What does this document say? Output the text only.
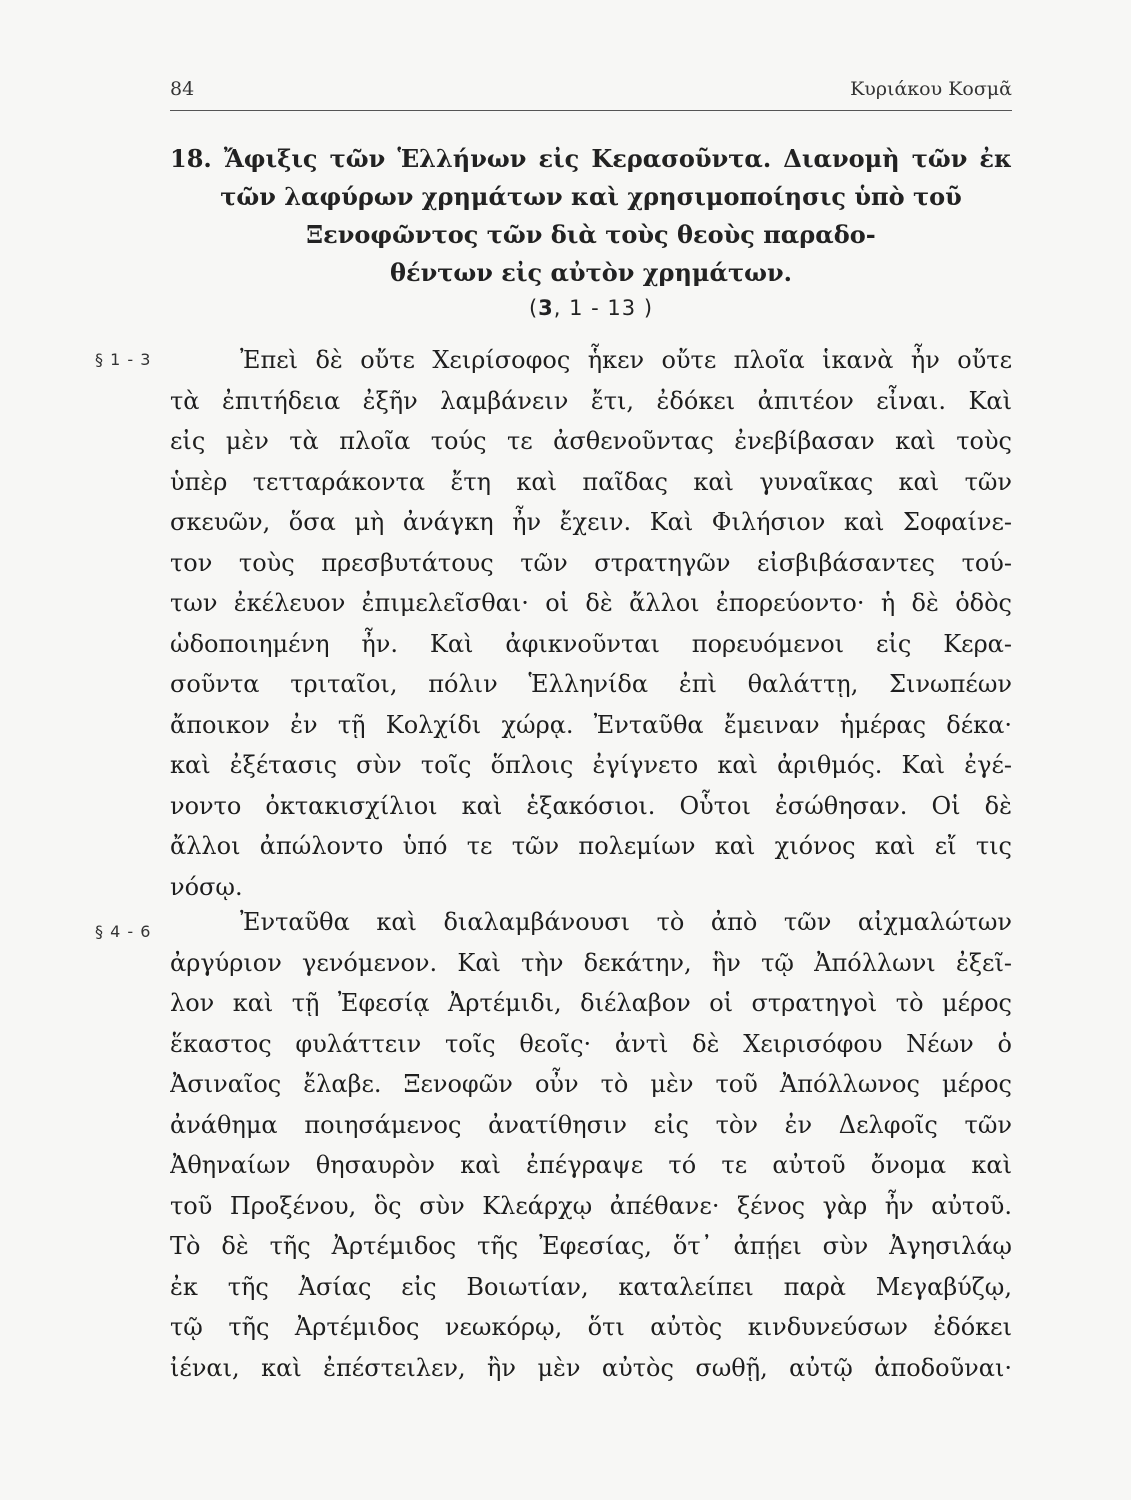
84	Κυριάκου Κοσμᾶ
18. Ἄφιξις τῶν Ἑλλήνων εἰς Κερασοῦντα. Διανομὴ τῶν ἐκ
τῶν λαφύρων χρημάτων καὶ χρησιμοποίησις ὑπὸ τοῦ
Ξενοφῶντος τῶν διὰ τοὺς θεοὺς παραδο-
θέντων εἰς αὐτὸν χρημάτων.
(3, 1 - 13 )
§ 1 - 3	Ἐπεὶ δὲ οὔτε Χειρίσοφος ἧκεν οὔτε πλοῖα ἱκανὰ ἦν οὔτε
τὰ ἐπιτήδεια ἐξῆν λαμβάνειν ἔτι, ἐδόκει ἀπιτέον εἶναι. Καὶ
εἰς μὲν τὰ πλοῖα τούς τε ἀσθενοῦντας ἐνεβίβασαν καὶ τοὺς
ὑπὲρ τετταράκοντα ἔτη καὶ παῖδας καὶ γυναῖκας καὶ τῶν
σκευῶν, ὅσα μὴ ἀνάγκη ἦν ἔχειν. Καὶ Φιλήσιον καὶ Σοφαίνε-
τον τοὺς πρεσβυτάτους τῶν στρατηγῶν εἰσβιβάσαντες τού-
των ἐκέλευον ἐπιμελεῖσθαι· οἱ δὲ ἄλλοι ἐπορεύοντο· ἡ δὲ ὁδὸς
ὡδοποιημένη ἦν. Καὶ ἀφικνοῦνται πορευόμενοι εἰς Κερα-
σοῦντα τριταῖοι, πόλιν Ἑλληνίδα ἐπὶ θαλάττῃ, Σινωπέων
ἄποικον ἐν τῇ Κολχίδι χώρᾳ. Ἐνταῦθα ἔμειναν ἡμέρας δέκα·
καὶ ἐξέτασις σὺν τοῖς ὅπλοις ἐγίγνετο καὶ ἀριθμός. Καὶ ἐγέ-
νοντο ὀκτακισχίλιοι καὶ ἑξακόσιοι. Οὗτοι ἐσώθησαν. Οἱ δὲ
ἄλλοι ἀπώλοντο ὑπό τε τῶν πολεμίων καὶ χιόνος καὶ εἴ τις
νόσῳ.
§ 4 - 6	Ἐνταῦθα καὶ διαλαμβάνουσι τὸ ἀπὸ τῶν αἰχμαλώτων
ἀργύριον γενόμενον. Καὶ τὴν δεκάτην, ἣν τῷ Ἀπόλλωνι ἐξεῖ-
λον καὶ τῇ Ἐφεσίᾳ Ἀρτέμιδι, διέλαβον οἱ στρατηγοὶ τὸ μέρος
ἕκαστος φυλάττειν τοῖς θεοῖς· ἀντὶ δὲ Χειρισόφου Νέων ὁ
Ἀσιναῖος ἔλαβε. Ξενοφῶν οὖν τὸ μὲν τοῦ Ἀπόλλωνος μέρος
ἀνάθημα ποιησάμενος ἀνατίθησιν εἰς τὸν ἐν Δελφοῖς τῶν
Ἀθηναίων θησαυρὸν καὶ ἐπέγραψε τό τε αὐτοῦ ὄνομα καὶ
τοῦ Προξένου, ὃς σὺν Κλεάρχῳ ἀπέθανε· ξένος γὰρ ἦν αὐτοῦ.
Τὸ δὲ τῆς Ἀρτέμιδος τῆς Ἐφεσίας, ὅτ᾽ ἀπῄει σὺν Ἀγησιλάῳ
ἐκ τῆς Ἀσίας εἰς Βοιωτίαν, καταλείπει παρὰ Μεγαβύζῳ,
τῷ τῆς Ἀρτέμιδος νεωκόρῳ, ὅτι αὐτὸς κινδυνεύσων ἐδόκει
ἰέναι, καὶ ἐπέστειλεν, ἢν μὲν αὐτὸς σωθῇ, αὐτῷ ἀποδοῦναι·
